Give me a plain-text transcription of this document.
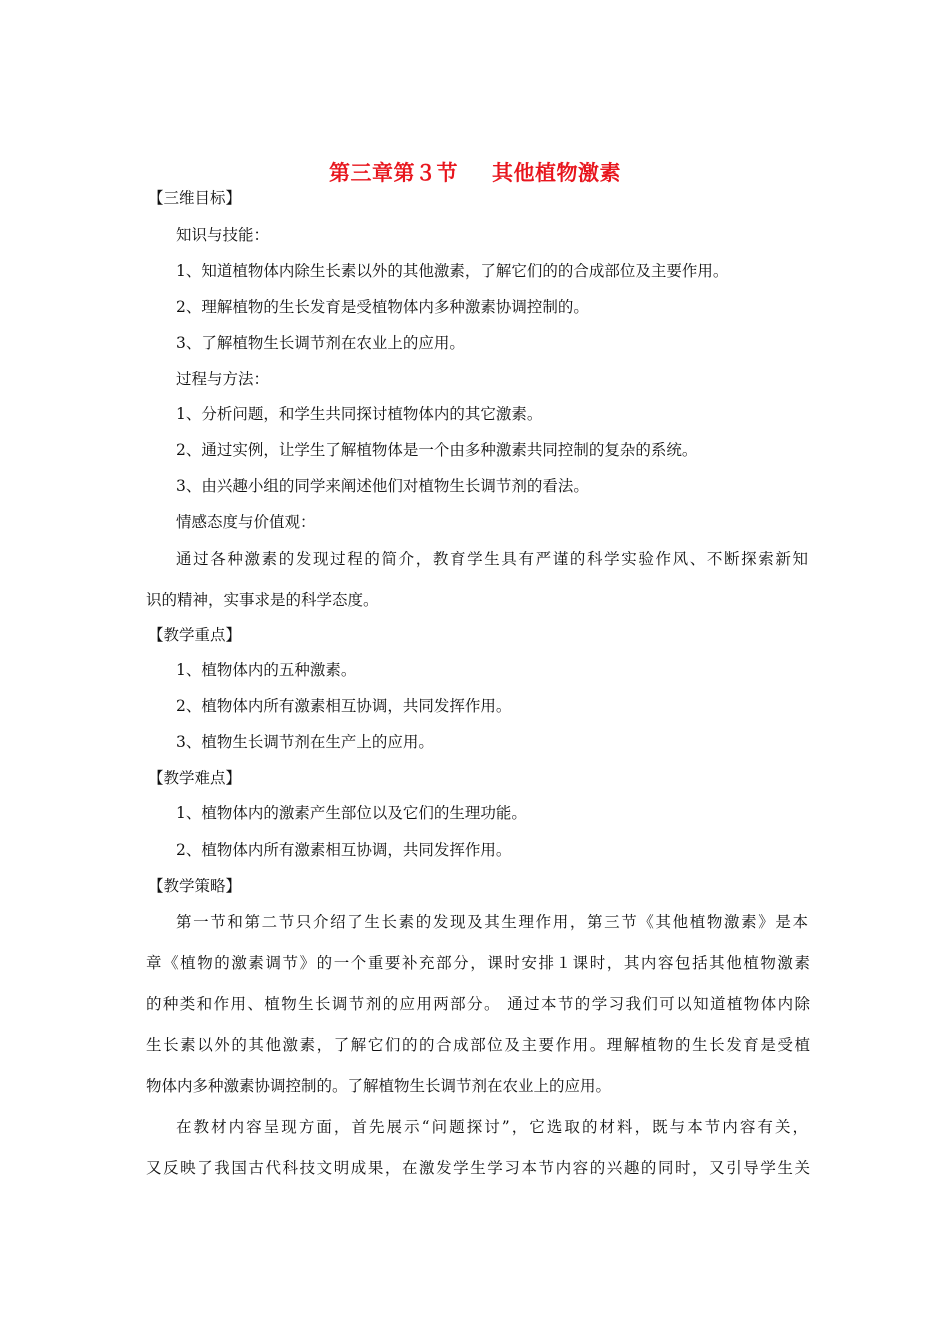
第三章第３节 其他植物激素
【三维目标】
知识与技能：
1、知道植物体内除生长素以外的其他激素，了解它们的的合成部位及主要作用。
2、理解植物的生长发育是受植物体内多种激素协调控制的。
3、了解植物生长调节剂在农业上的应用。
过程与方法：
1、分析问题，和学生共同探讨植物体内的其它激素。
2、通过实例，让学生了解植物体是一个由多种激素共同控制的复杂的系统。
3、由兴趣小组的同学来阐述他们对植物生长调节剂的看法。
情感态度与价值观：
通过各种激素的发现过程的简介，教育学生具有严谨的科学实验作风、不断探索新知
识的精神，实事求是的科学态度。
【教学重点】
1、植物体内的五种激素。
2、植物体内所有激素相互协调，共同发挥作用。
3、植物生长调节剂在生产上的应用。
【教学难点】
1、植物体内的激素产生部位以及它们的生理功能。
2、植物体内所有激素相互协调，共同发挥作用。
【教学策略】
第一节和第二节只介绍了生长素的发现及其生理作用，第三节《其他植物激素》是本
章《植物的激素调节》的一个重要补充部分，课时安排１课时，其内容包括其他植物激素
的种类和作用、植物生长调节剂的应用两部分。 通过本节的学习我们可以知道植物体内除
生长素以外的其他激素，了解它们的的合成部位及主要作用。理解植物的生长发育是受植
物体内多种激素协调控制的。了解植物生长调节剂在农业上的应用。
在教材内容呈现方面，首先展示“问题探讨”，它选取的材料，既与本节内容有关，
又反映了我国古代科技文明成果，在激发学生学习本节内容的兴趣的同时，又引导学生关
